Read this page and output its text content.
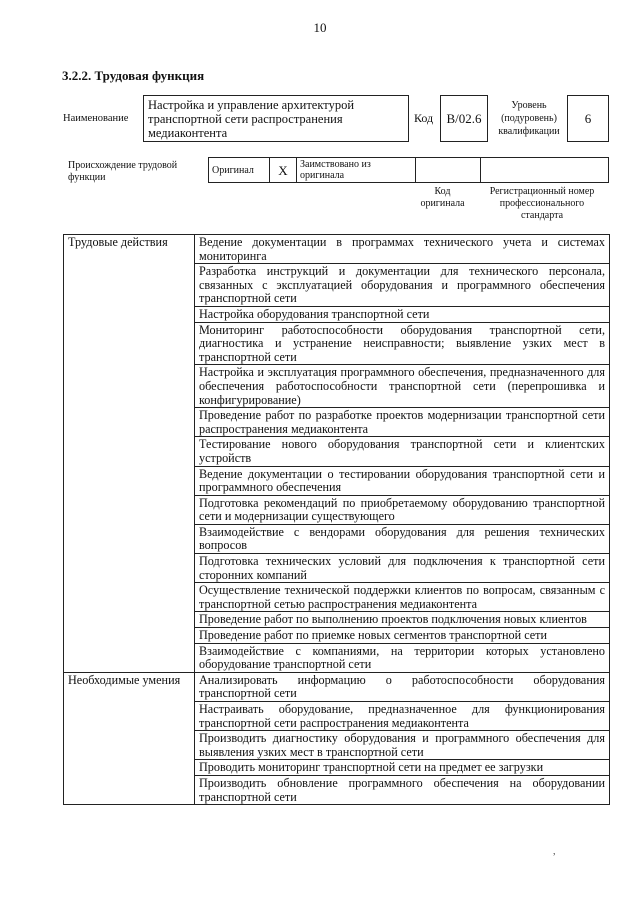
10
3.2.2. Трудовая функция
Наименование
Настройка и управление архитектурой транспортной сети распространения медиаконтента
Код	B/02.6
Уровень (подуровень) квалификации
6
Происхождение трудовой функции
Оригинал	X	Заимствовано из оригинала		
Код оригинала
Регистрационный номер профессионального стандарта
Трудовые действия	Ведение документации в программах технического учета и системах мониторинга
	Разработка инструкций и документации для технического персонала, связанных с эксплуатацией оборудования и программного обеспечения транспортной сети
	Настройка оборудования транспортной сети
	Мониторинг работоспособности оборудования транспортной сети, диагностика и устранение неисправности; выявление узких мест в транспортной сети
	Настройка и эксплуатация программного обеспечения, предназначенного для обеспечения работоспособности транспортной сети (перепрошивка и конфигурирование)
	Проведение работ по разработке проектов модернизации транспортной сети распространения медиаконтента
	Тестирование нового оборудования транспортной сети и клиентских устройств
	Ведение документации о тестировании оборудования транспортной сети и программного обеспечения
	Подготовка рекомендаций по приобретаемому оборудованию транспортной сети и модернизации существующего
	Взаимодействие с вендорами оборудования для решения технических вопросов
	Подготовка технических условий для подключения к транспортной сети сторонних компаний
	Осуществление технической поддержки клиентов по вопросам, связанным с транспортной сетью распространения медиаконтента
	Проведение работ по выполнению проектов подключения новых клиентов
	Проведение работ по приемке новых сегментов транспортной сети
	Взаимодействие с компаниями, на территории которых установлено оборудование транспортной сети
Необходимые умения	Анализировать информацию о работоспособности оборудования транспортной сети
	Настраивать оборудование, предназначенное для функционирования транспортной сети распространения медиаконтента
	Производить диагностику оборудования и программного обеспечения для выявления узких мест в транспортной сети
	Проводить мониторинг транспортной сети на предмет ее загрузки
	Производить обновление программного обеспечения на оборудовании транспортной сети
,
